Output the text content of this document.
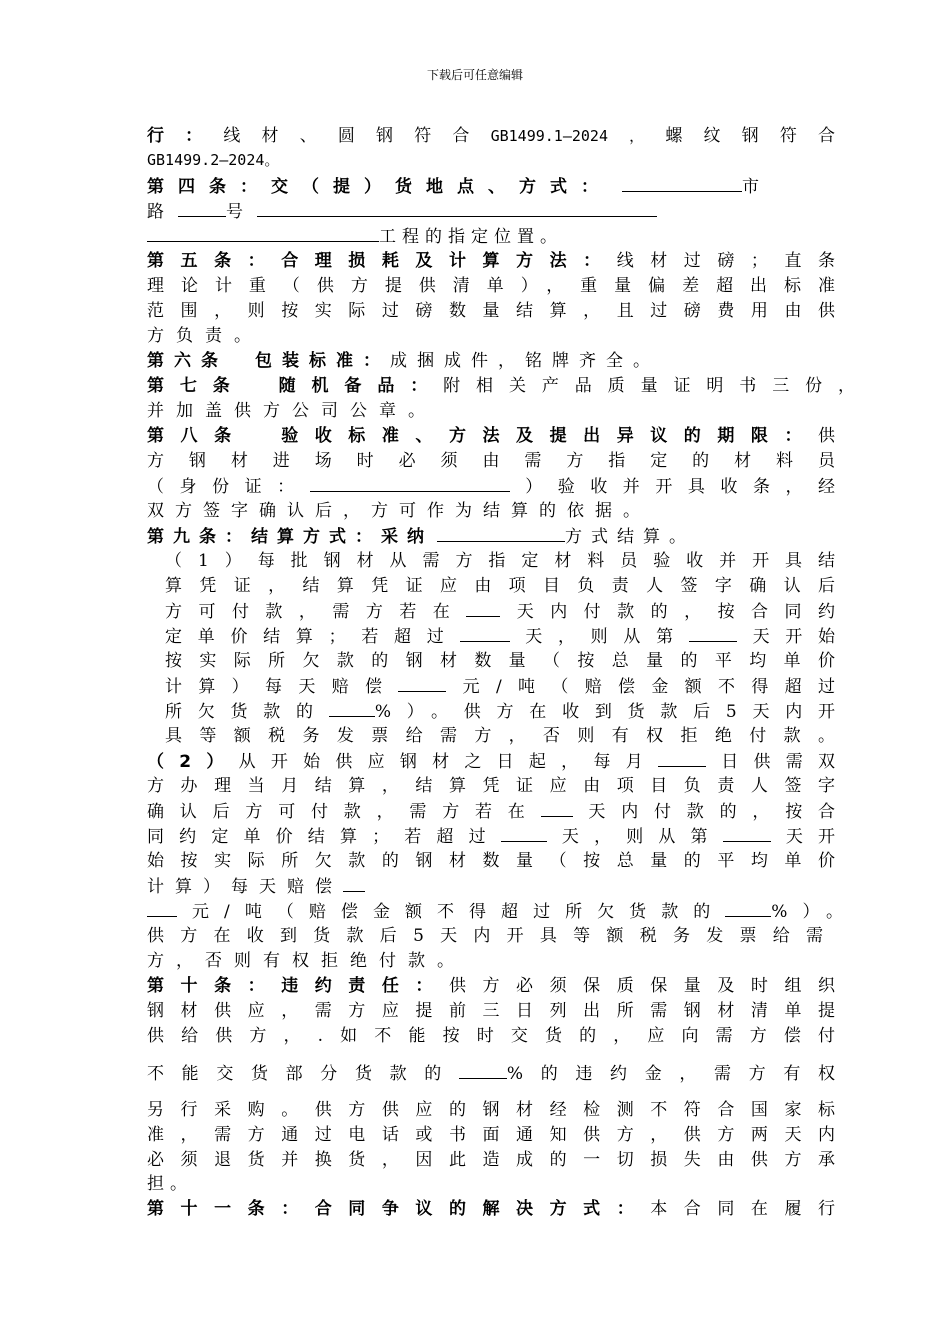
下载后可任意编辑
行：线材、圆钢符合GB1499.1—2024，螺纹钢符合
GB1499.2—2024。
第四条：交（提）货地点、方式：	市
路	号
工程的指定位置。
第五条：合理损耗及计算方法：线材过磅；直条
理论计重（供方提供清单），重量偏差超出标准
范围，则按实际过磅数量结算，且过磅费用由供
方负责。
第六条　包装标准：成捆成件，铭牌齐全。
第七条　随机备品：附相关产品质量证明书三份，
并加盖供方公司公章。
第八条　验收标准、方法及提出异议的期限：供
方钢材进场时必须由需方指定的材料员
（身份证：	）验收并开具收条，经
双方签字确认后，方可作为结算的依据。
第九条：结算方式：采纳	方式结算。
（1）每批钢材从需方指定材料员验收并开具结
算凭证，结算凭证应由项目负责人签字确认后
方可付款，需方若在 天内付款的，按合同约
定单价结算；若超过	天，则从第	天开始
按实际所欠款的钢材数量（按总量的平均单价
计算）每天赔偿	元/吨（赔偿金额不得超过
所欠货款的	%）。供方在收到货款后5天内开
具等额税务发票给需方，否则有权拒绝付款。
（2）从开始供应钢材之日起，每月	日供需双
方办理当月结算，结算凭证应由项目负责人签字
确认后方可付款，需方若在 天内付款的，按合
同约定单价结算；若超过	天，则从第	天开
始按实际所欠款的钢材数量（按总量的平均单价
计算）每天赔偿
元/吨（赔偿金额不得超过所欠货款的	%）。
供方在收到货款后5天内开具等额税务发票给需
方，否则有权拒绝付款。
第十条：违约责任：供方必须保质保量及时组织
钢材供应，需方应提前三日列出所需钢材清单提
供给供方，.如不能按时交货的，应向需方偿付
不能交货部分货款的	%的违约金，需方有权
另行采购。供方供应的钢材经检测不符合国家标
准，需方通过电话或书面通知供方，供方两天内
必须退货并换货，因此造成的一切损失由供方承
担。
第十一条：合同争议的解决方式：本合同在履行
